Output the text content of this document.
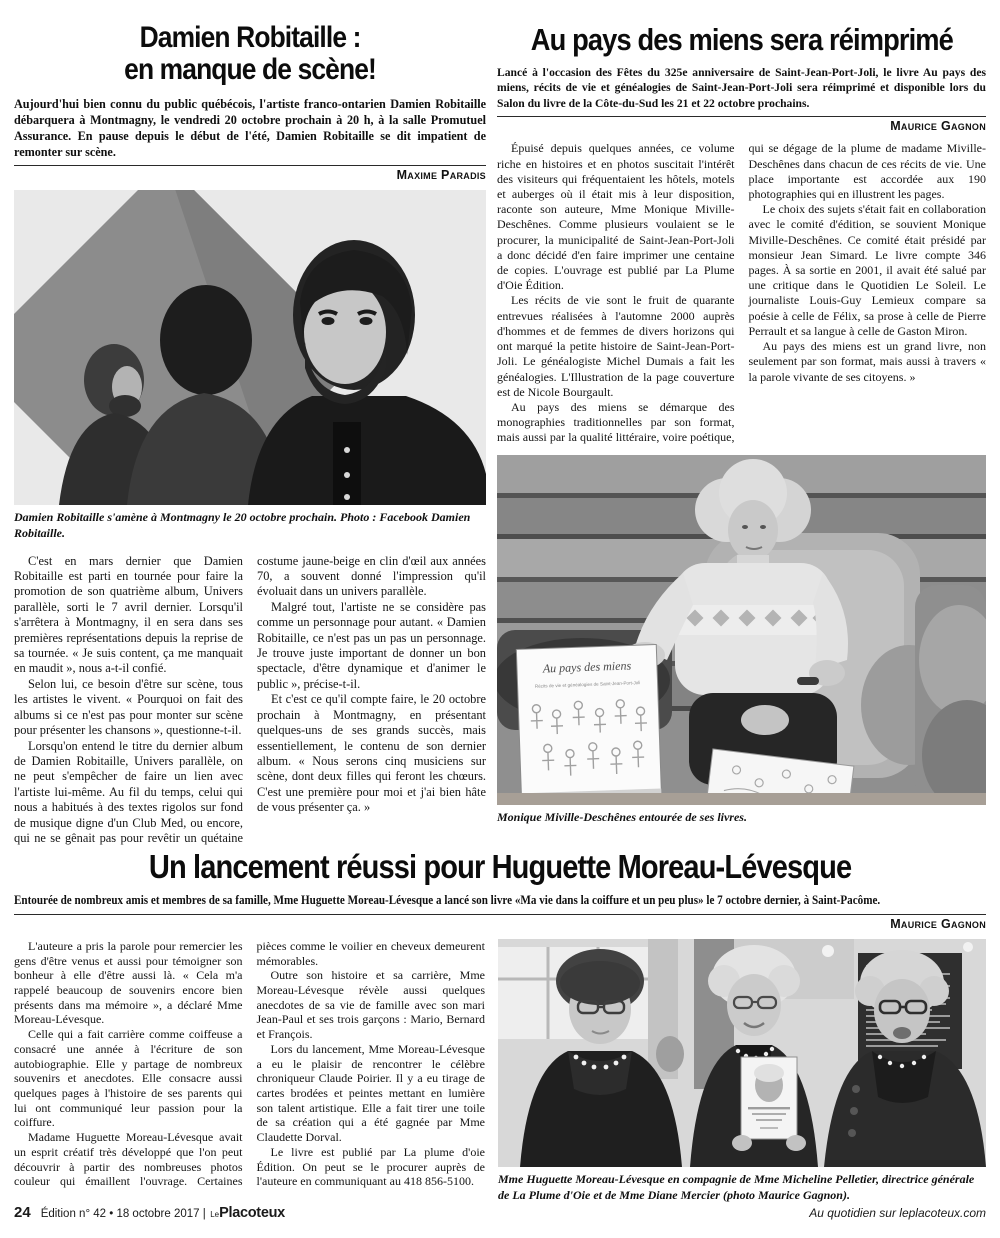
Damien Robitaille :
en manque de scène!

Aujourd'hui bien connu du public québécois, l'artiste franco-ontarien Damien Robitaille débarquera à Montmagny, le vendredi 20 octobre prochain à 20 h, à la salle Promutuel Assurance. En pause depuis le début de l'été, Damien Robitaille se dit impatient de remonter sur scène.

Maxime Paradis

Damien Robitaille s'amène à Montmagny le 20 octobre prochain. Photo : Facebook Damien Robitaille.

C'est en mars dernier que Damien Robitaille est parti en tournée pour faire la promotion de son quatrième album, Univers parallèle, sorti le 7 avril dernier. Lorsqu'il s'arrêtera à Montmagny, il en sera dans ses premières représentations depuis la reprise de sa tournée. « Je suis content, ça me manquait en maudit », nous a-t-il confié.

Selon lui, ce besoin d'être sur scène, tous les artistes le vivent. « Pourquoi on fait des albums si ce n'est pas pour monter sur scène pour présenter les chansons », questionne-t-il.

Lorsqu'on entend le titre du dernier album de Damien Robitaille, Univers parallèle, on ne peut s'empêcher de faire un lien avec l'artiste lui-même. Au fil du temps, celui qui nous a habitués à des textes rigolos sur fond de musique digne d'un Club Med, ou encore, qui ne se gênait pas pour revêtir un quétaine costume jaune-beige en clin d'œil aux années 70, a souvent donné l'impression qu'il évoluait dans un univers parallèle.

Malgré tout, l'artiste ne se considère pas comme un personnage pour autant. « Damien Robitaille, ce n'est pas un pas un personnage. Je trouve juste important de donner un bon spectacle, d'être dynamique et d'animer le public », précise-t-il.

Et c'est ce qu'il compte faire, le 20 octobre prochain à Montmagny, en présentant quelques-uns de ses grands succès, mais essentiellement, le contenu de son dernier album. « Nous serons cinq musiciens sur scène, dont deux filles qui feront les chœurs. C'est une première pour moi et j'ai bien hâte de vous présenter ça. »

Au pays des miens sera réimprimé

Lancé à l'occasion des Fêtes du 325e anniversaire de Saint-Jean-Port-Joli, le livre Au pays des miens, récits de vie et généalogies de Saint-Jean-Port-Joli sera réimprimé et disponible lors du Salon du livre de la Côte-du-Sud les 21 et 22 octobre prochains.

Maurice Gagnon

Épuisé depuis quelques années, ce volume riche en histoires et en photos suscitait l'intérêt des visiteurs qui fréquentaient les hôtels, motels et auberges où il était mis à leur disposition, raconte son auteure, Mme Monique Miville-Deschênes. Comme plusieurs voulaient se le procurer, la municipalité de Saint-Jean-Port-Joli a donc décidé d'en faire imprimer une centaine de copies. L'ouvrage est publié par La Plume d'Oie Édition.

Les récits de vie sont le fruit de quarante entrevues réalisées à l'automne 2000 auprès d'hommes et de femmes de divers horizons qui ont marqué la petite histoire de Saint-Jean-Port-Joli. Le généalogiste Michel Dumais a fait les généalogies. L'Illustration de la page couverture est de Nicole Bourgault.

Au pays des miens se démarque des monographies traditionnelles par son format, mais aussi par la qualité littéraire, voire poétique, qui se dégage de la plume de madame Miville-Deschênes dans chacun de ces récits de vie. Une place importante est accordée aux 190 photographies qui en illustrent les pages.

Le choix des sujets s'était fait en collaboration avec le comité d'édition, se souvient Monique Miville-Deschênes. Ce comité était présidé par monsieur Jean Simard. Le livre compte 346 pages. À sa sortie en 2001, il avait été salué par une critique dans le Quotidien Le Soleil. Le journaliste Louis-Guy Lemieux compare sa poésie à celle de Félix, sa prose à celle de Pierre Perrault et sa langue à celle de Gaston Miron.

Au pays des miens est un grand livre, non seulement par son format, mais aussi à travers « la parole vivante de ses citoyens. »

Au pays des miens
Récits de vie et généalogies de Saint-Jean-Port-Joli

Monique Miville-Deschênes entourée de ses livres.

Un lancement réussi pour Huguette Moreau-Lévesque

Entourée de nombreux amis et membres de sa famille, Mme Huguette Moreau-Lévesque a lancé son livre «Ma vie dans la coiffure et un peu plus» le 7 octobre dernier, à Saint-Pacôme.

Maurice Gagnon

L'auteure a pris la parole pour remercier les gens d'être venus et aussi pour témoigner son bonheur à elle d'être aussi là. « Cela m'a rappelé beaucoup de souvenirs encore bien présents dans ma mémoire », a déclaré Mme Moreau-Lévesque.

Celle qui a fait carrière comme coiffeuse a consacré une année à l'écriture de son autobiographie. Elle y partage de nombreux souvenirs et anecdotes. Elle consacre aussi quelques pages à l'histoire de ses parents qui lui ont communiqué leur passion pour la coiffure.

Madame Huguette Moreau-Lévesque avait un esprit créatif très développé que l'on peut découvrir à partir des nombreuses photos couleur qui émaillent l'ouvrage. Certaines pièces comme le voilier en cheveux demeurent mémorables.

Outre son histoire et sa carrière, Mme Moreau-Lévesque révèle aussi quelques anecdotes de sa vie de famille avec son mari Jean-Paul et ses trois garçons : Mario, Bernard et François.

Lors du lancement, Mme Moreau-Lévesque a eu le plaisir de rencontrer le célèbre chroniqueur Claude Poirier. Il y a eu tirage de cartes brodées et peintes mettant en lumière son talent artistique. Elle a fait tirer une toile de sa création qui a été gagnée par Mme Claudette Dorval.

Le livre est publié par La plume d'oie Édition. On peut se le procurer auprès de l'auteure en communiquant au 418 856-5100.	Mme Huguette Moreau-Lévesque en compagnie de Mme Micheline Pelletier, directrice générale de La Plume d'Oie et de Mme Diane Mercier (photo Maurice Gagnon).

24 Édition n° 42 • 18 octobre 2017 | LePlacoteux	Au quotidien sur leplacoteux.com
